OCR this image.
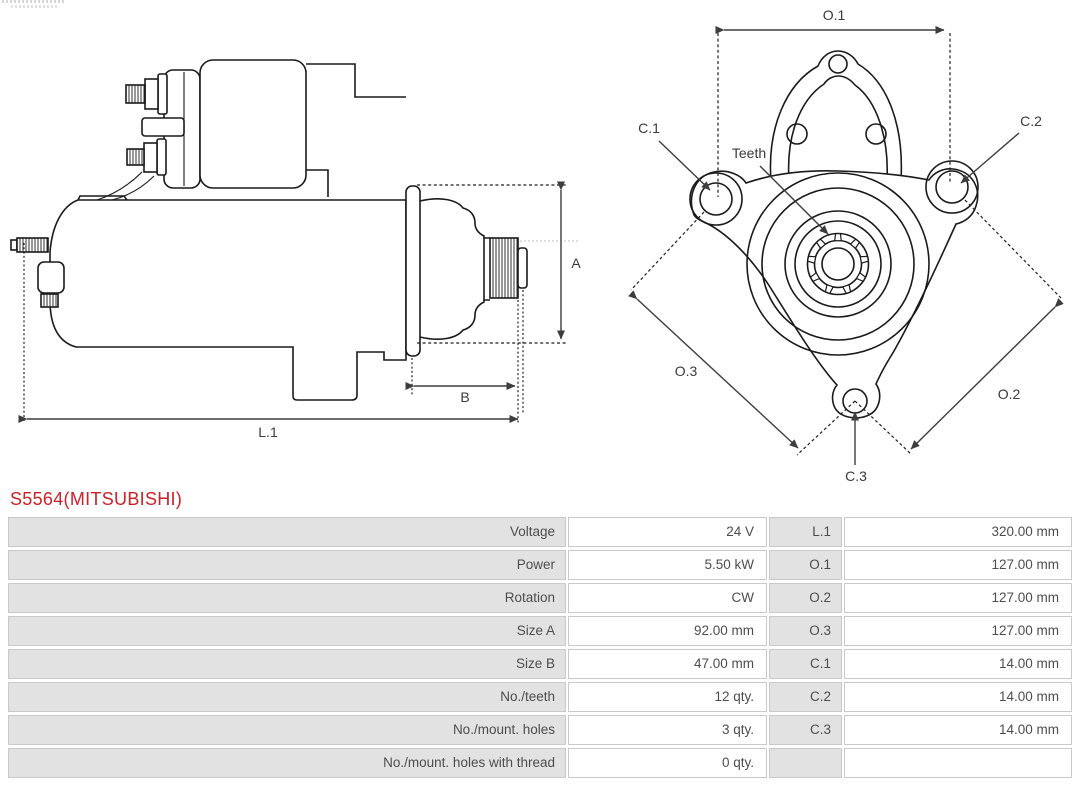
A
B
L.1
O.1
O.3
O.2
C.1	C.2
C.3
Teeth
S5564(MITSUBISHI)
Voltage	24 V	L.1	320.00 mm
Power	5.50 kW	O.1	127.00 mm
Rotation	CW	O.2	127.00 mm
Size A	92.00 mm	O.3	127.00 mm
Size B	47.00 mm	C.1	14.00 mm
No./teeth	12 qty.	C.2	14.00 mm
No./mount. holes	3 qty.	C.3	14.00 mm
No./mount. holes with thread	0 qty.
